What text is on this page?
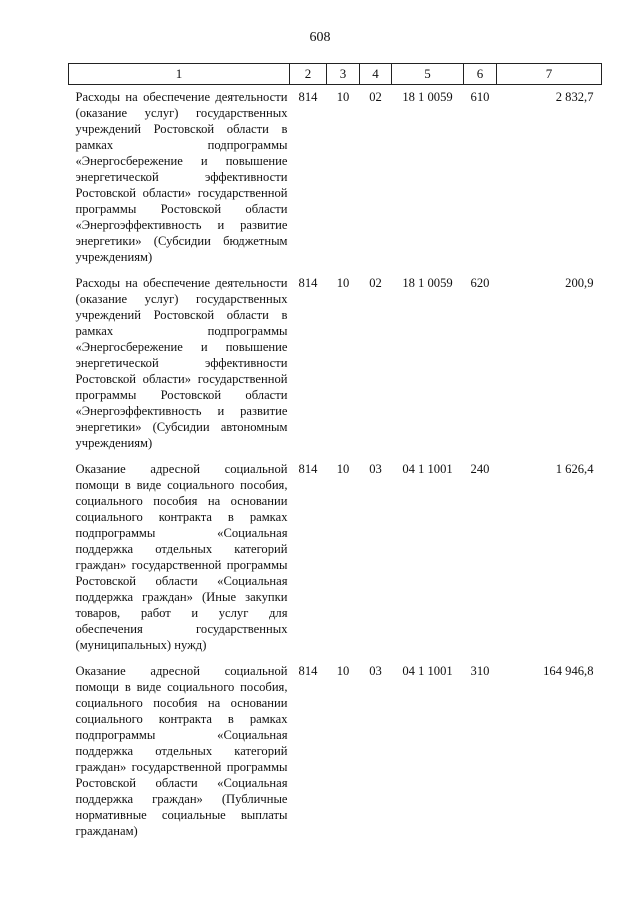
608
1	2	3	4	5	6	7
Расходы на обеспечение деятельности (оказание услуг) государственных учреждений Ростовской области в рамках подпрограммы «Энергосбережение и повышение энергетической эффективности Ростовской области» государственной программы Ростовской области «Энергоэффективность и развитие энергетики» (Субсидии бюджетным учреждениям)	814	10	02	18 1 0059	610	2 832,7
Расходы на обеспечение деятельности (оказание услуг) государственных учреждений Ростовской области в рамках подпрограммы «Энергосбережение и повышение энергетической эффективности Ростовской области» государственной программы Ростовской области «Энергоэффективность и развитие энергетики» (Субсидии автономным учреждениям)	814	10	02	18 1 0059	620	200,9
Оказание адресной социальной помощи в виде социального пособия, социального пособия на основании социального контракта в рамках подпрограммы «Социальная поддержка отдельных категорий граждан» государственной программы Ростовской области «Социальная поддержка граждан» (Иные закупки товаров, работ и услуг для обеспечения государственных (муниципальных) нужд)	814	10	03	04 1 1001	240	1 626,4
Оказание адресной социальной помощи в виде социального пособия, социального пособия на основании социального контракта в рамках подпрограммы «Социальная поддержка отдельных категорий граждан» государственной программы Ростовской области «Социальная поддержка граждан» (Публичные нормативные социальные выплаты гражданам)	814	10	03	04 1 1001	310	164 946,8
